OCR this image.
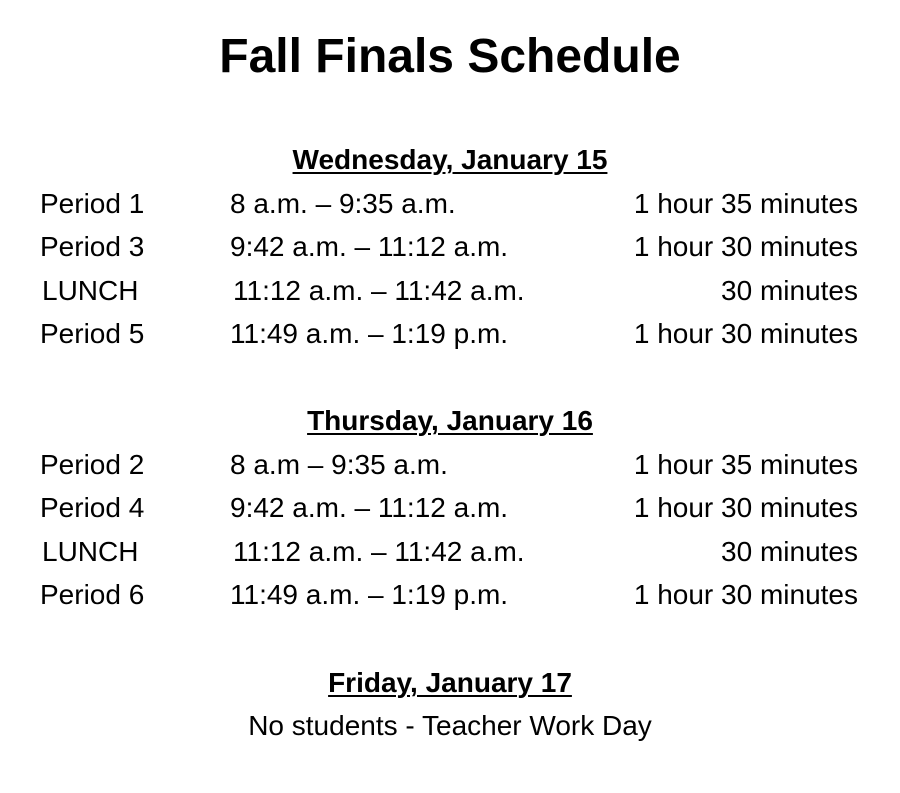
Fall Finals Schedule
Wednesday, January 15
Period 1	8 a.m. – 9:35 a.m.	1 hour 35 minutes
Period 3	9:42 a.m. – 11:12 a.m.	1 hour 30 minutes
LUNCH	11:12 a.m. – 11:42 a.m.	30 minutes
Period 5	11:49 a.m. – 1:19 p.m.	1 hour 30 minutes
Thursday, January 16
Period 2	8 a.m – 9:35 a.m.	1 hour 35 minutes
Period 4	9:42 a.m. – 11:12 a.m.	1 hour 30 minutes
LUNCH	11:12 a.m. – 11:42 a.m.	30 minutes
Period 6	11:49 a.m. – 1:19 p.m.	1 hour 30 minutes
Friday, January 17
No students - Teacher Work Day
